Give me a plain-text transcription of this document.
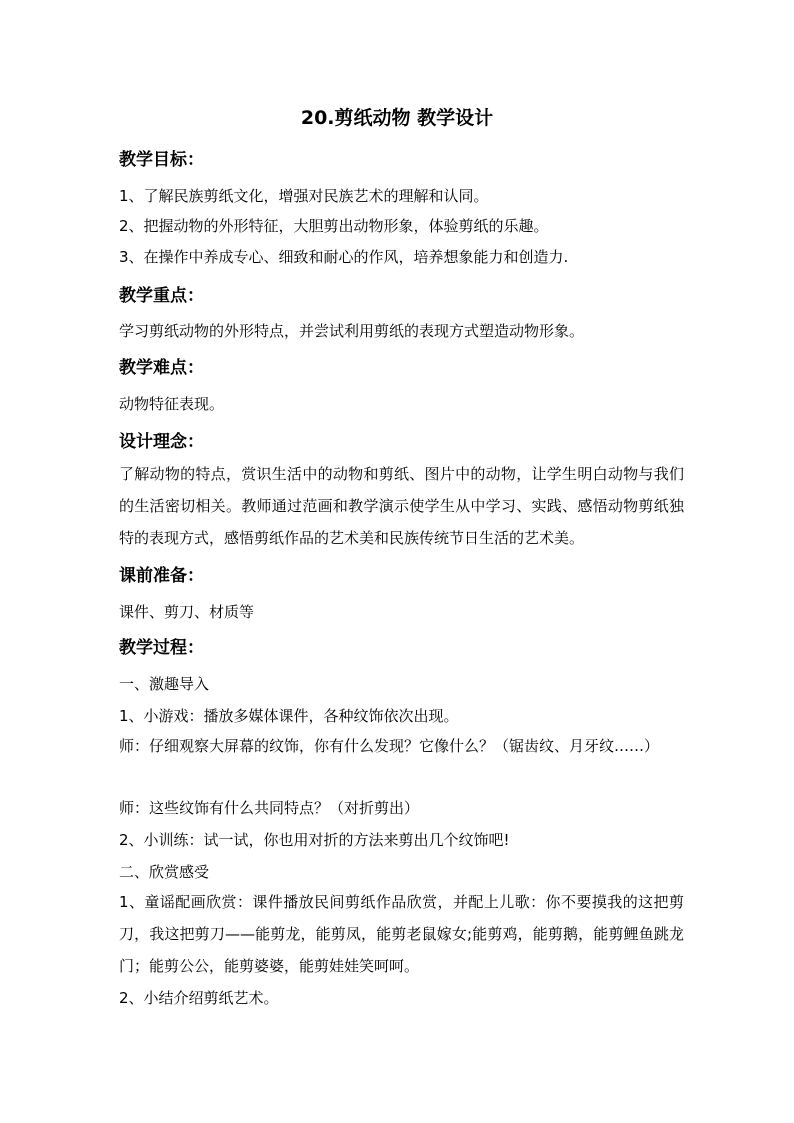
20.剪纸动物 教学设计
教学目标：
1、了解民族剪纸文化，增强对民族艺术的理解和认同。
2、把握动物的外形特征，大胆剪出动物形象，体验剪纸的乐趣。
3、在操作中养成专心、细致和耐心的作风，培养想象能力和创造力.
教学重点：
学习剪纸动物的外形特点，并尝试利用剪纸的表现方式塑造动物形象。
教学难点：
动物特征表现。
设计理念：
了解动物的特点，赏识生活中的动物和剪纸、图片中的动物，让学生明白动物与我们的生活密切相关。教师通过范画和教学演示使学生从中学习、实践、感悟动物剪纸独特的表现方式，感悟剪纸作品的艺术美和民族传统节日生活的艺术美。
课前准备：
课件、剪刀、材质等
教学过程：
一、激趣导入
1、小游戏：播放多媒体课件，各种纹饰依次出现。
师：仔细观察大屏幕的纹饰，你有什么发现？它像什么？（锯齿纹、月牙纹……）
师：这些纹饰有什么共同特点？（对折剪出）
2、小训练：试一试，你也用对折的方法来剪出几个纹饰吧!
二、欣赏感受
1、童谣配画欣赏：课件播放民间剪纸作品欣赏，并配上儿歌：你不要摸我的这把剪刀，我这把剪刀——能剪龙，能剪凤，能剪老鼠嫁女;能剪鸡，能剪鹅，能剪鲤鱼跳龙门；能剪公公，能剪婆婆，能剪娃娃笑呵呵。
2、小结介绍剪纸艺术。
